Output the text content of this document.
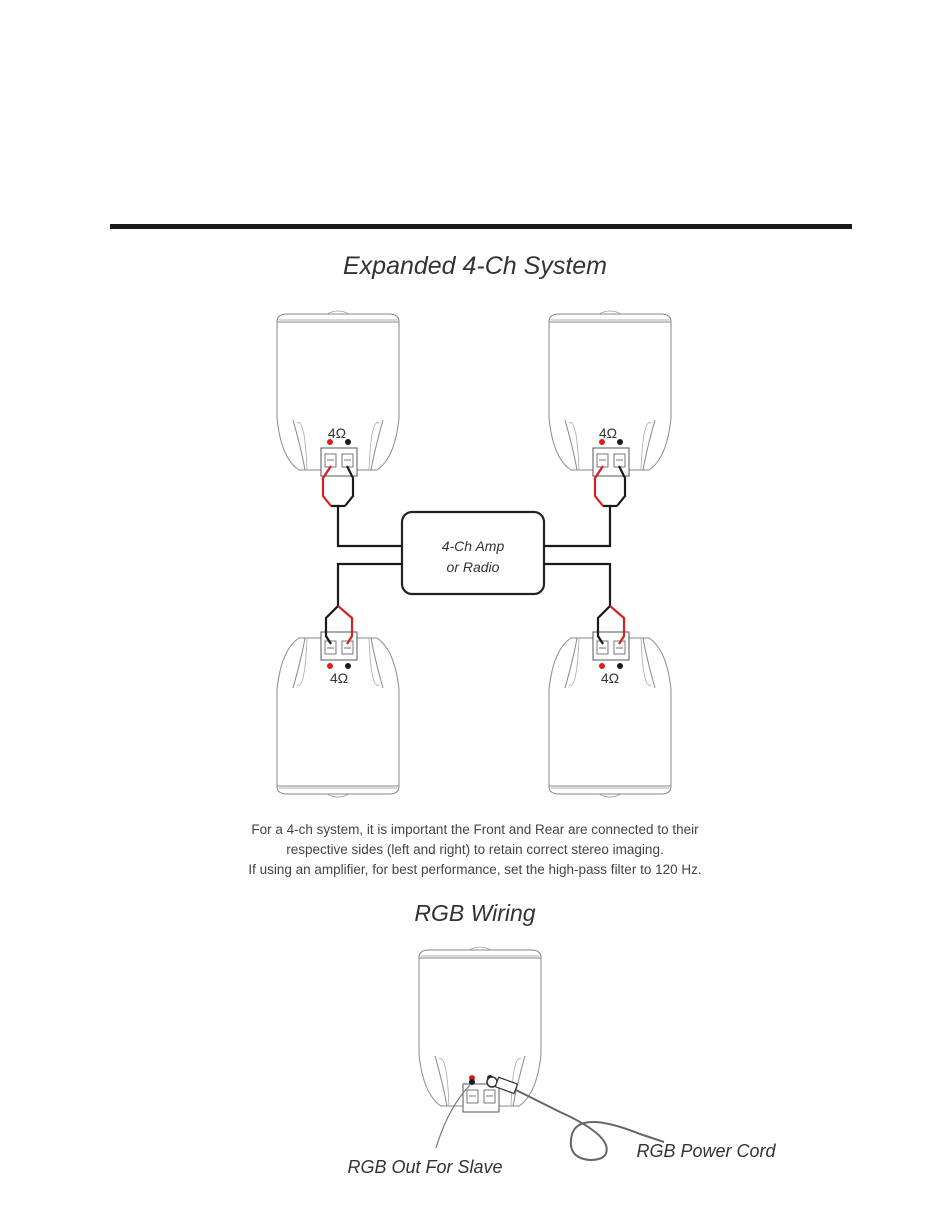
Expanded 4-Ch System
4Ω	4Ω
4Ω	4Ω
4-Ch Amp
or Radio
RGB Out For Slave
RGB Power Cord

For a 4-ch system, it is important the Front and Rear are connected to their

respective sides (left and right) to retain correct stereo imaging.

If using an amplifier, for best performance, set the high-pass filter to 120 Hz.

RGB Wiring
